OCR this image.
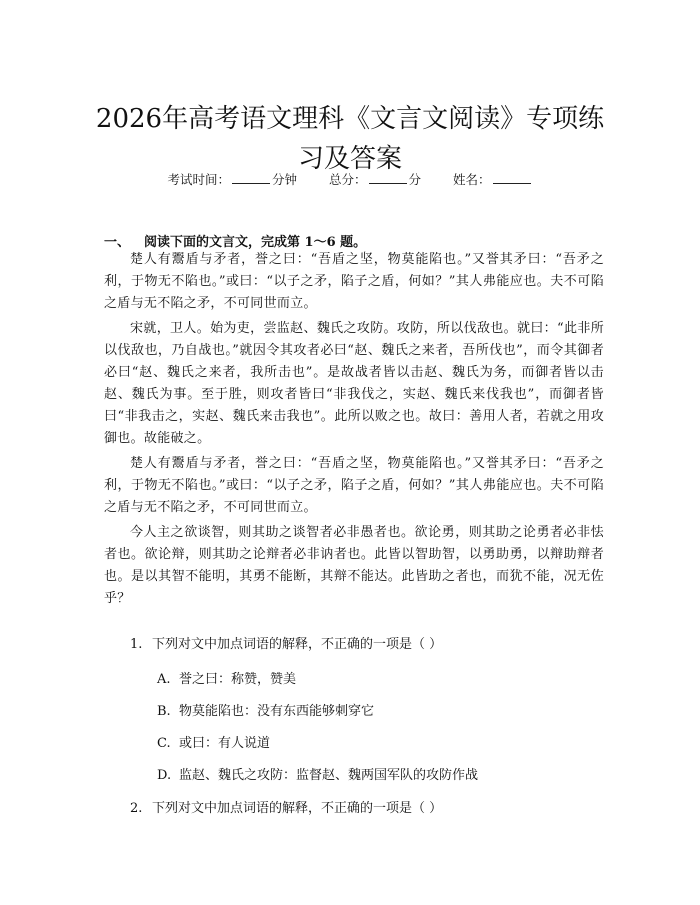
2026年高考语文理科《文言文阅读》专项练习及答案
考试时间：	分钟	总分：	分	姓名：
一、 阅读下面的文言文，完成第 1～6 题。

楚人有鬻盾与矛者，誉之曰：“吾盾之坚，物莫能陷也。”又誉其矛曰：“吾矛之利，于物无不陷也。”或曰：“以子之矛，陷子之盾，何如？”其人弗能应也。夫不可陷之盾与无不陷之矛，不可同世而立。

宋就，卫人。始为吏，尝监赵、魏氏之攻防。攻防，所以伐敌也。就曰：“此非所以伐敌也，乃自战也。”就因令其攻者必曰“赵、魏氏之来者，吾所伐也”，而令其御者必曰“赵、魏氏之来者，我所击也”。是故战者皆以击赵、魏氏为务，而御者皆以击赵、魏氏为事。至于胜，则攻者皆曰“非我伐之，实赵、魏氏来伐我也”，而御者皆曰“非我击之，实赵、魏氏来击我也”。此所以败之也。故曰：善用人者，若就之用攻御也。故能破之。

楚人有鬻盾与矛者，誉之曰：“吾盾之坚，物莫能陷也。”又誉其矛曰：“吾矛之利，于物无不陷也。”或曰：“以子之矛，陷子之盾，何如？”其人弗能应也。夫不可陷之盾与无不陷之矛，不可同世而立。

今人主之欲谈智，则其助之谈智者必非愚者也。欲论勇，则其助之论勇者必非怯者也。欲论辩，则其助之论辩者必非讷者也。此皆以智助智，以勇助勇，以辩助辩者也。是以其智不能明，其勇不能断，其辩不能达。此皆助之者也，而犹不能，况无佐乎？

1. 下列对文中加点词语的解释，不正确的一项是（ ）
A. 誉之曰：称赞，赞美
B. 物莫能陷也：没有东西能够刺穿它
C. 或曰：有人说道
D. 监赵、魏氏之攻防：监督赵、魏两国军队的攻防作战
2. 下列对文中加点词语的解释，不正确的一项是（ ）
